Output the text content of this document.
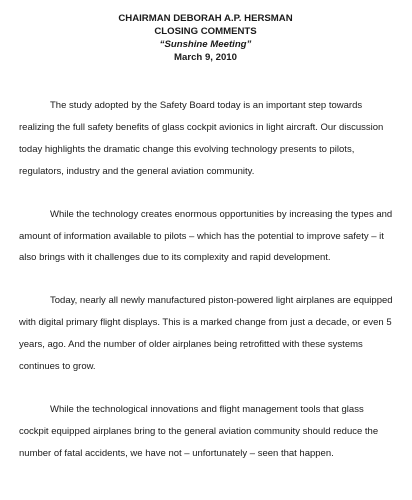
CHAIRMAN DEBORAH A.P. HERSMAN
CLOSING COMMENTS
“Sunshine Meeting”
March 9, 2010

The study adopted by the Safety Board today is an important step towards realizing the full safety benefits of glass cockpit avionics in light aircraft. Our discussion today highlights the dramatic change this evolving technology presents to pilots, regulators, industry and the general aviation community.

While the technology creates enormous opportunities by increasing the types and amount of information available to pilots – which has the potential to improve safety – it also brings with it challenges due to its complexity and rapid development.

Today, nearly all newly manufactured piston-powered light airplanes are equipped with digital primary flight displays. This is a marked change from just a decade, or even 5 years, ago. And the number of older airplanes being retrofitted with these systems continues to grow.

While the technological innovations and flight management tools that glass cockpit equipped airplanes bring to the general aviation community should reduce the number of fatal accidents, we have not – unfortunately – seen that happen.
